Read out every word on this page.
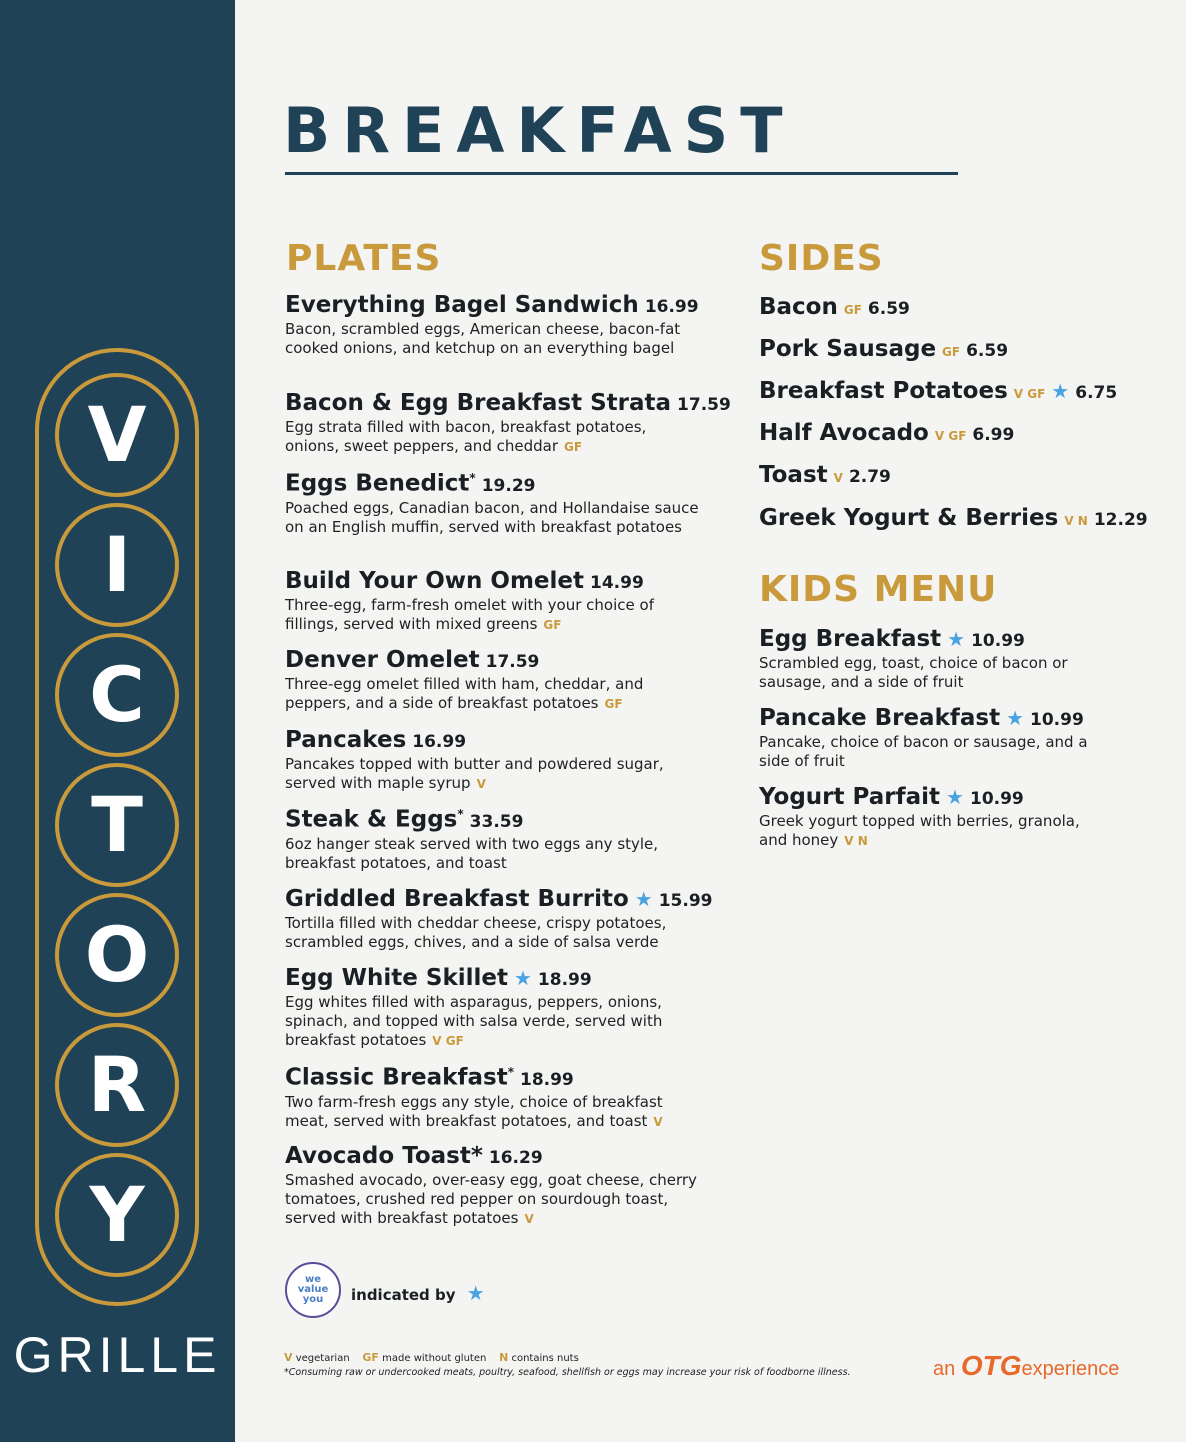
V
I
C
T
O
R
Y
GRILLE
BREAKFAST
PLATES
Everything Bagel Sandwich 16.99
Bacon, scrambled eggs, American cheese, bacon-fat cooked onions, and ketchup on an everything bagel
Bacon & Egg Breakfast Strata 17.59
Egg strata filled with bacon, breakfast potatoes, onions, sweet peppers, and cheddar GF
Eggs Benedict* 19.29
Poached eggs, Canadian bacon, and Hollandaise sauce on an English muffin, served with breakfast potatoes
Build Your Own Omelet 14.99
Three-egg, farm-fresh omelet with your choice of fillings, served with mixed greens GF
Denver Omelet 17.59
Three-egg omelet filled with ham, cheddar, and peppers, and a side of breakfast potatoes GF
Pancakes 16.99
Pancakes topped with butter and powdered sugar, served with maple syrup V
Steak & Eggs* 33.59
6oz hanger steak served with two eggs any style, breakfast potatoes, and toast
Griddled Breakfast Burrito ★ 15.99
Tortilla filled with cheddar cheese, crispy potatoes, scrambled eggs, chives, and a side of salsa verde
Egg White Skillet ★ 18.99
Egg whites filled with asparagus, peppers, onions, spinach, and topped with salsa verde, served with breakfast potatoes V GF
Classic Breakfast* 18.99
Two farm-fresh eggs any style, choice of breakfast meat, served with breakfast potatoes, and toast V
Avocado Toast* 16.29
Smashed avocado, over-easy egg, goat cheese, cherry tomatoes, crushed red pepper on sourdough toast, served with breakfast potatoes V
SIDES
Bacon GF 6.59
Pork Sausage GF 6.59
Breakfast Potatoes V GF ★ 6.75
Half Avocado V GF 6.99
Toast V 2.79
Greek Yogurt & Berries V N 12.29
KIDS MENU
Egg Breakfast ★ 10.99
Scrambled egg, toast, choice of bacon or sausage, and a side of fruit
Pancake Breakfast ★ 10.99
Pancake, choice of bacon or sausage, and a side of fruit
Yogurt Parfait ★ 10.99
Greek yogurt topped with berries, granola, and honey V N
we
value
you indicated by ★
V vegetarian GF made without gluten N contains nuts
*Consuming raw or undercooked meats, poultry, seafood, shellfish or eggs may increase your risk of foodborne illness.	an OTGexperience
